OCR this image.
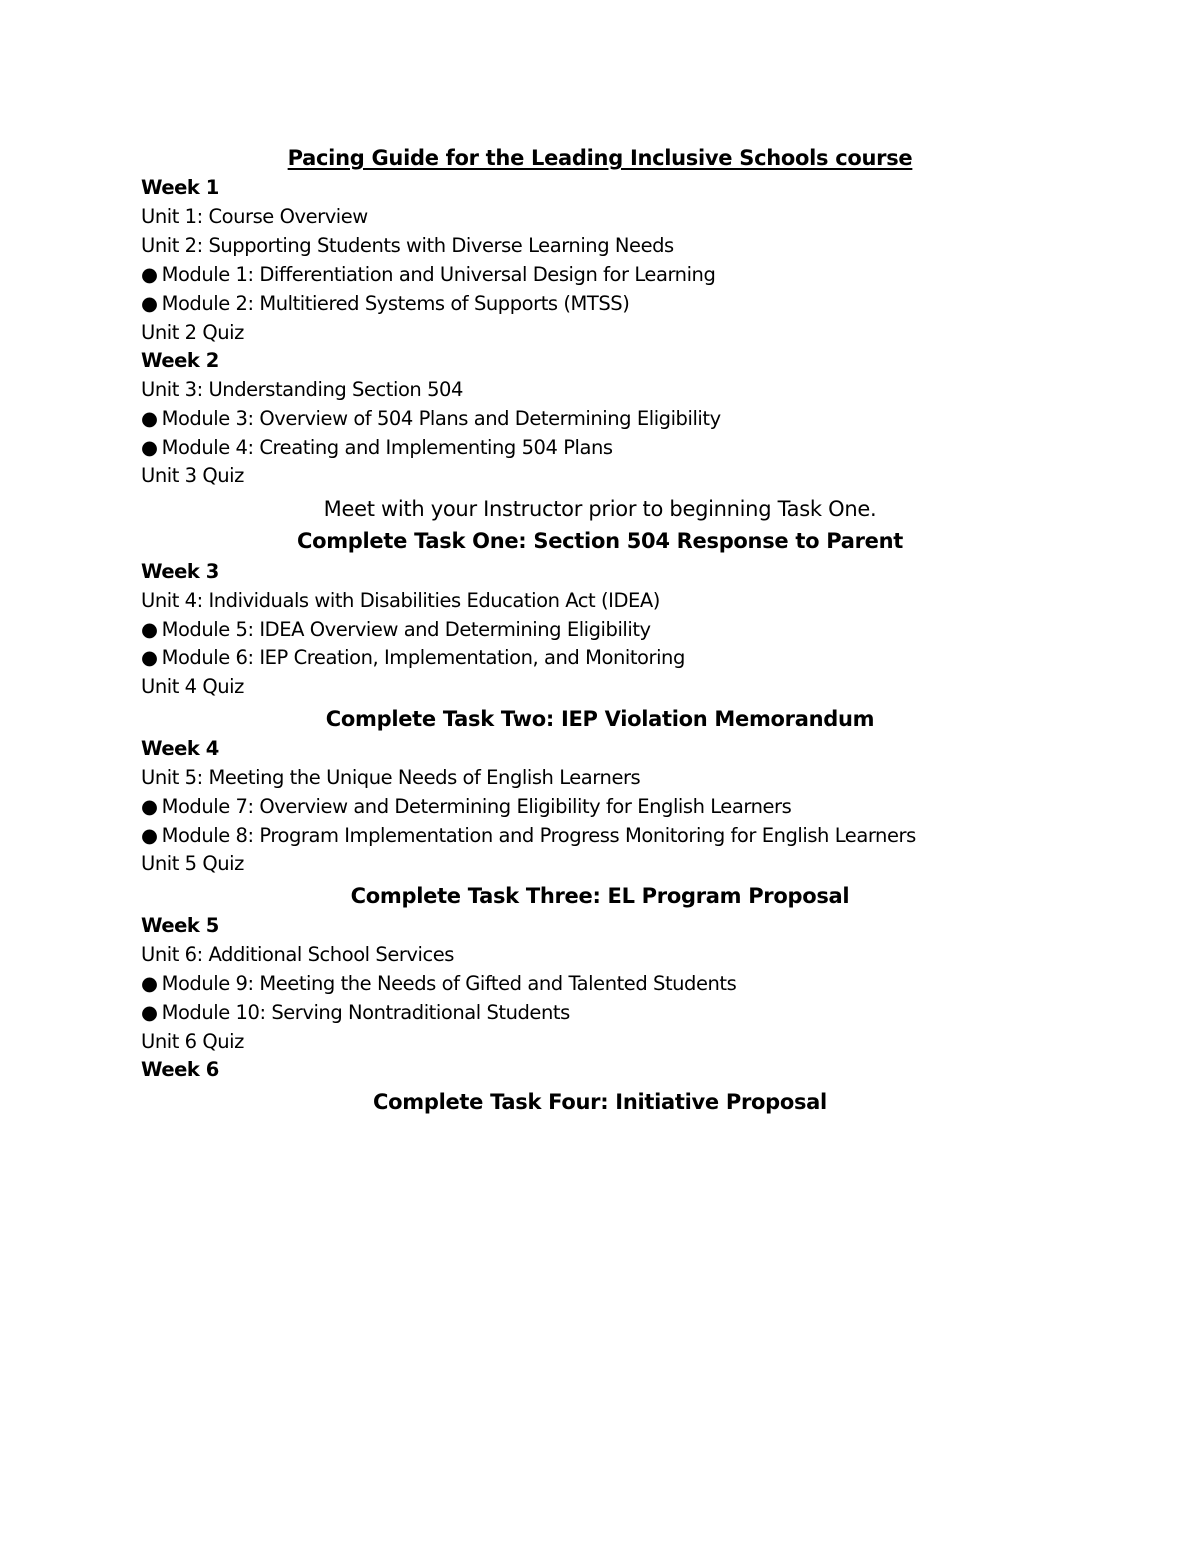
Pacing Guide for the Leading Inclusive Schools course
Week 1
Unit 1: Course Overview
Unit 2: Supporting Students with Diverse Learning Needs
● Module 1: Differentiation and Universal Design for Learning
● Module 2: Multitiered Systems of Supports (MTSS)
Unit 2 Quiz
Week 2
Unit 3: Understanding Section 504
● Module 3: Overview of 504 Plans and Determining Eligibility
● Module 4: Creating and Implementing 504 Plans
Unit 3 Quiz
Meet with your Instructor prior to beginning Task One.
Complete Task One: Section 504 Response to Parent
Week 3
Unit 4: Individuals with Disabilities Education Act (IDEA)
● Module 5: IDEA Overview and Determining Eligibility
● Module 6: IEP Creation, Implementation, and Monitoring
Unit 4 Quiz
Complete Task Two: IEP Violation Memorandum
Week 4
Unit 5: Meeting the Unique Needs of English Learners
● Module 7: Overview and Determining Eligibility for English Learners
● Module 8: Program Implementation and Progress Monitoring for English Learners
Unit 5 Quiz
Complete Task Three: EL Program Proposal
Week 5
Unit 6: Additional School Services
● Module 9: Meeting the Needs of Gifted and Talented Students
● Module 10: Serving Nontraditional Students
Unit 6 Quiz
Week 6
Complete Task Four: Initiative Proposal
